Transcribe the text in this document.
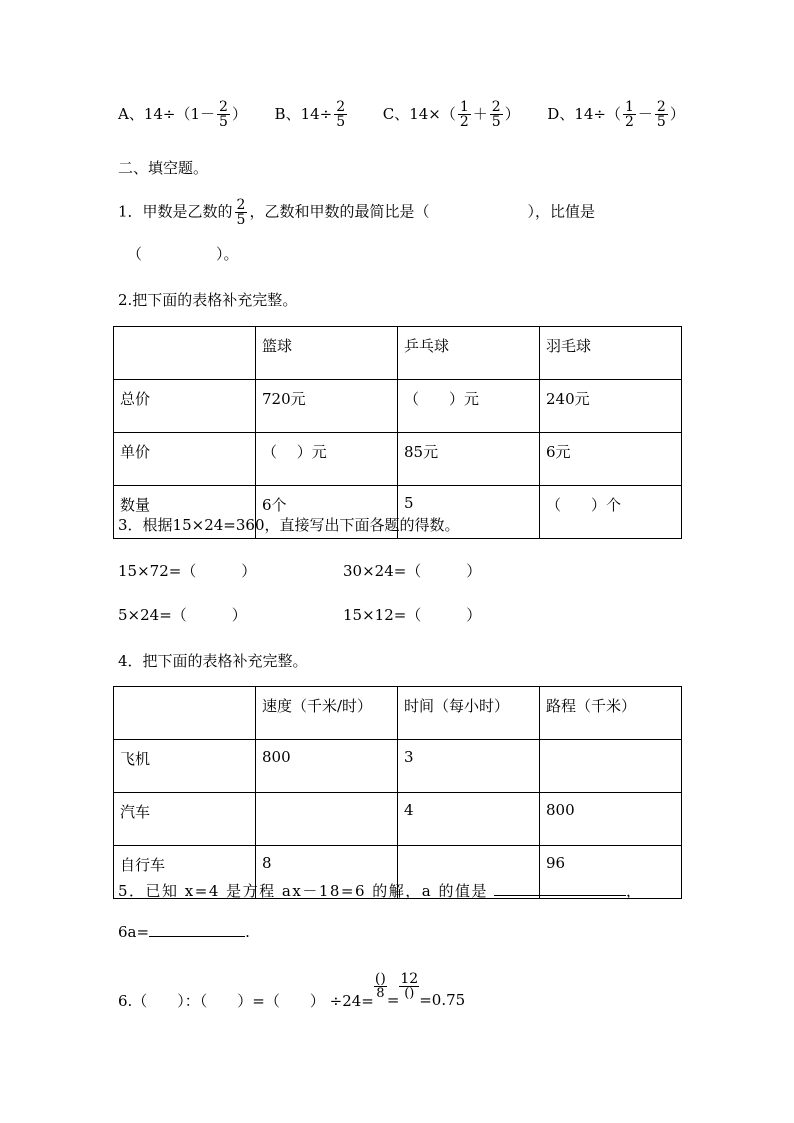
A、$14\div(1- \frac{2}{5}$ ） B、$14\div \frac{2}{5}$ C、$14\times( \frac{1}{2} + \frac{2}{5}$ ） D、$14\div( \frac{1}{2} - \frac{2}{5}$ ）
二、填空题。
1．甲数是乙数的 $\frac{2}{5}$ ，乙数和甲数的最简比是（	），比值是
（	）。
2.把下面的表格补充完整。
	篮球	乒乓球	羽毛球
总价	720元	（　　）元	240元
单价	（　 ）元	85元	6元
数量	6个	5	（　　）个
3．根据15×24=360，直接写出下面各题的得数。
15×72=（　　　）	30×24=（　　　）
5×24=（　　　）	15×12=（　　　）
4．把下面的表格补充完整。
	速度（千米/时）	时间（每小时）	路程（千米）
飞机	800	3	
汽车		4	800
自行车	8		96
5．已知 x=4 是方程 ax－18=6 的解，a 的值是	，
6a=	.
6.（　　）：（　　）=（　　） ÷24=
$\frac{()}{8} = \frac{12}{()} =0.75$
